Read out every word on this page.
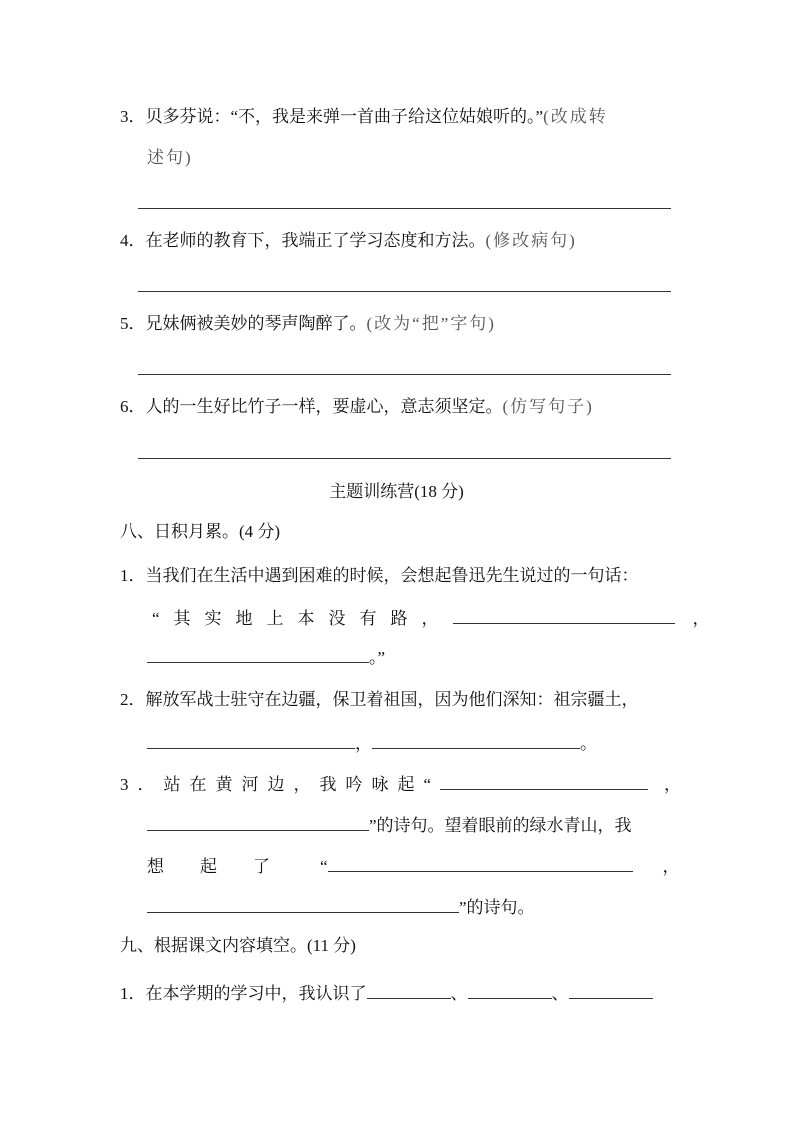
3．贝多芬说：“不，我是来弹一首曲子给这位姑娘听的。”(改成转
述句)
4．在老师的教育下，我端正了学习态度和方法。(修改病句)
5．兄妹俩被美妙的琴声陶醉了。(改为“把”字句)
6．人的一生好比竹子一样，要虚心，意志须坚定。(仿写句子)
主题训练营(18 分)
八、日积月累。(4 分)
1．当我们在生活中遇到困难的时候，会想起鲁迅先生说过的一句话：
“其实地上本没有路，	，
。”
2．解放军战士驻守在边疆，保卫着祖国，因为他们深知：祖宗疆土，
，	。
3．站在黄河边，我吟咏起“	，
”的诗句。望着眼前的绿水青山，我
想起了 “	，
”的诗句。
九、根据课文内容填空。(11 分)
1．在本学期的学习中，我认识了	、	、
